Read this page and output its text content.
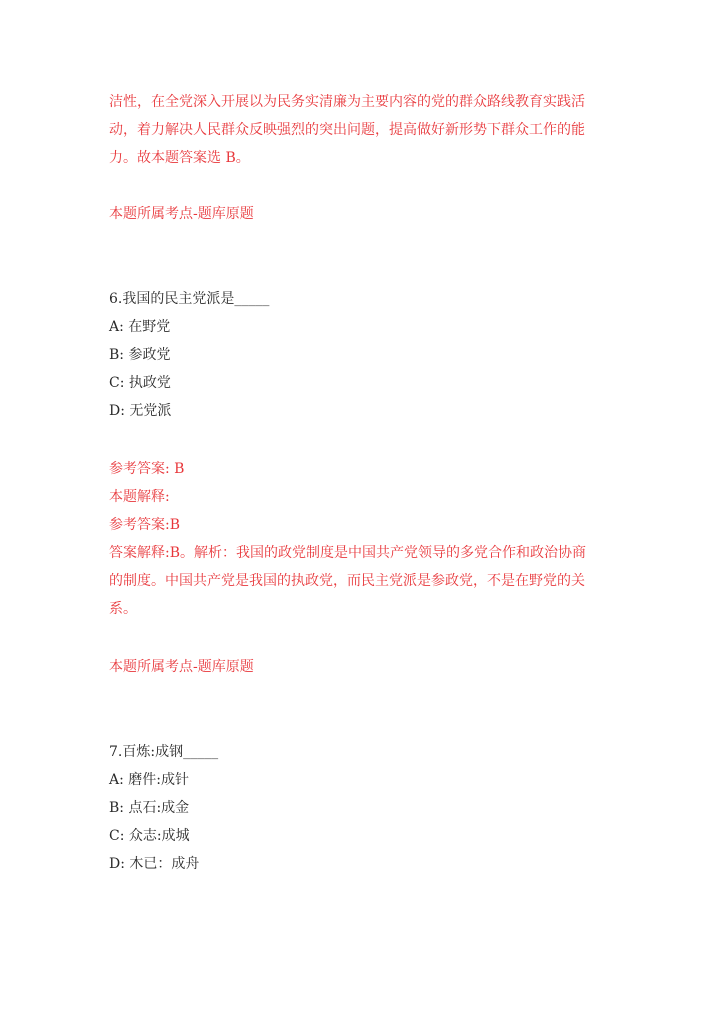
洁性，在全党深入开展以为民务实清廉为主要内容的党的群众路线教育实践活
动，着力解决人民群众反映强烈的突出问题，提高做好新形势下群众工作的能
力。故本题答案选 B。
本题所属考点-题库原题
6.我国的民主党派是_____
A: 在野党
B: 参政党
C: 执政党
D: 无党派
参考答案: B
本题解释:
参考答案:B
答案解释:B。解析：我国的政党制度是中国共产党领导的多党合作和政治协商
的制度。中国共产党是我国的执政党，而民主党派是参政党，不是在野党的关
系。
本题所属考点-题库原题
7.百炼:成钢_____
A: 磨件:成针
B: 点石:成金
C: 众志:成城
D: 木已：成舟
